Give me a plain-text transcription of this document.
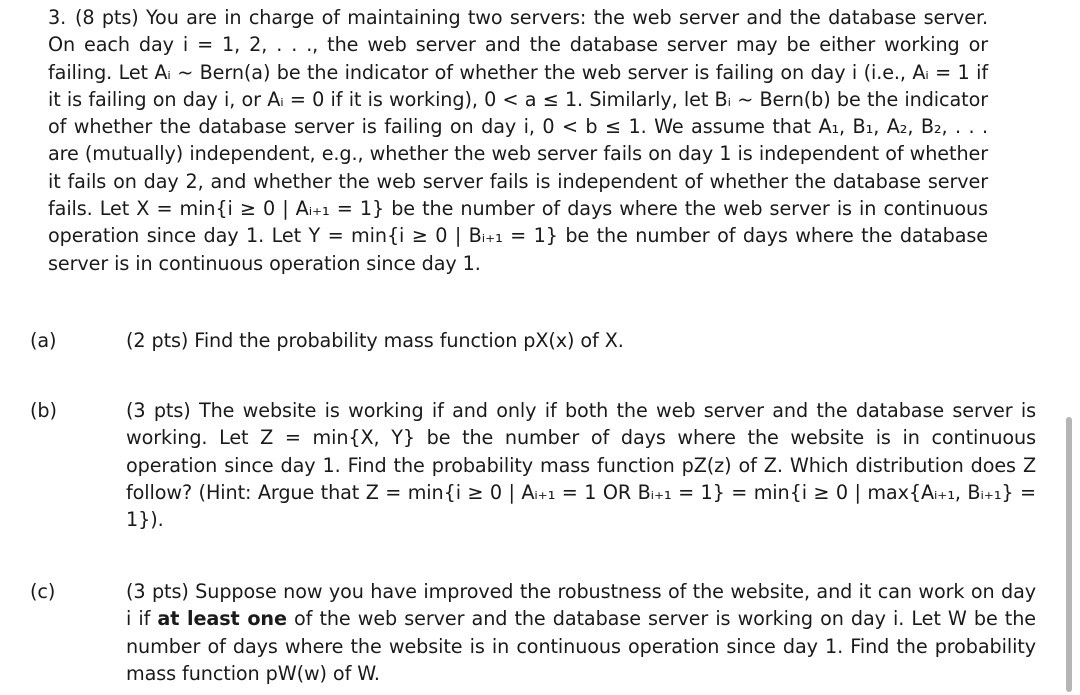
3. (8 pts) You are in charge of maintaining two servers: the web server and the database server. On each day i = 1, 2, . . ., the web server and the database server may be either working or failing. Let Aᵢ ~ Bern(a) be the indicator of whether the web server is failing on day i (i.e., Aᵢ = 1 if it is failing on day i, or Aᵢ = 0 if it is working), 0 < a ≤ 1. Similarly, let Bᵢ ~ Bern(b) be the indicator of whether the database server is failing on day i, 0 < b ≤ 1. We assume that A₁, B₁, A₂, B₂, . . . are (mutually) independent, e.g., whether the web server fails on day 1 is independent of whether it fails on day 2, and whether the web server fails is independent of whether the database server fails. Let X = min{i ≥ 0 | Aᵢ₊₁ = 1} be the number of days where the web server is in continuous operation since day 1. Let Y = min{i ≥ 0 | Bᵢ₊₁ = 1} be the number of days where the database server is in continuous operation since day 1.

(a)	(2 pts) Find the probability mass function pX(x) of X.

(b)	(3 pts) The website is working if and only if both the web server and the database server is working. Let Z = min{X, Y} be the number of days where the website is in continuous operation since day 1. Find the probability mass function pZ(z) of Z. Which distribution does Z follow? (Hint: Argue that Z = min{i ≥ 0 | Aᵢ₊₁ = 1 OR Bᵢ₊₁ = 1} = min{i ≥ 0 | max{Aᵢ₊₁, Bᵢ₊₁} = 1}).

(c)	(3 pts) Suppose now you have improved the robustness of the website, and it can work on day i if at least one of the web server and the database server is working on day i. Let W be the number of days where the website is in continuous operation since day 1. Find the probability mass function pW(w) of W.
